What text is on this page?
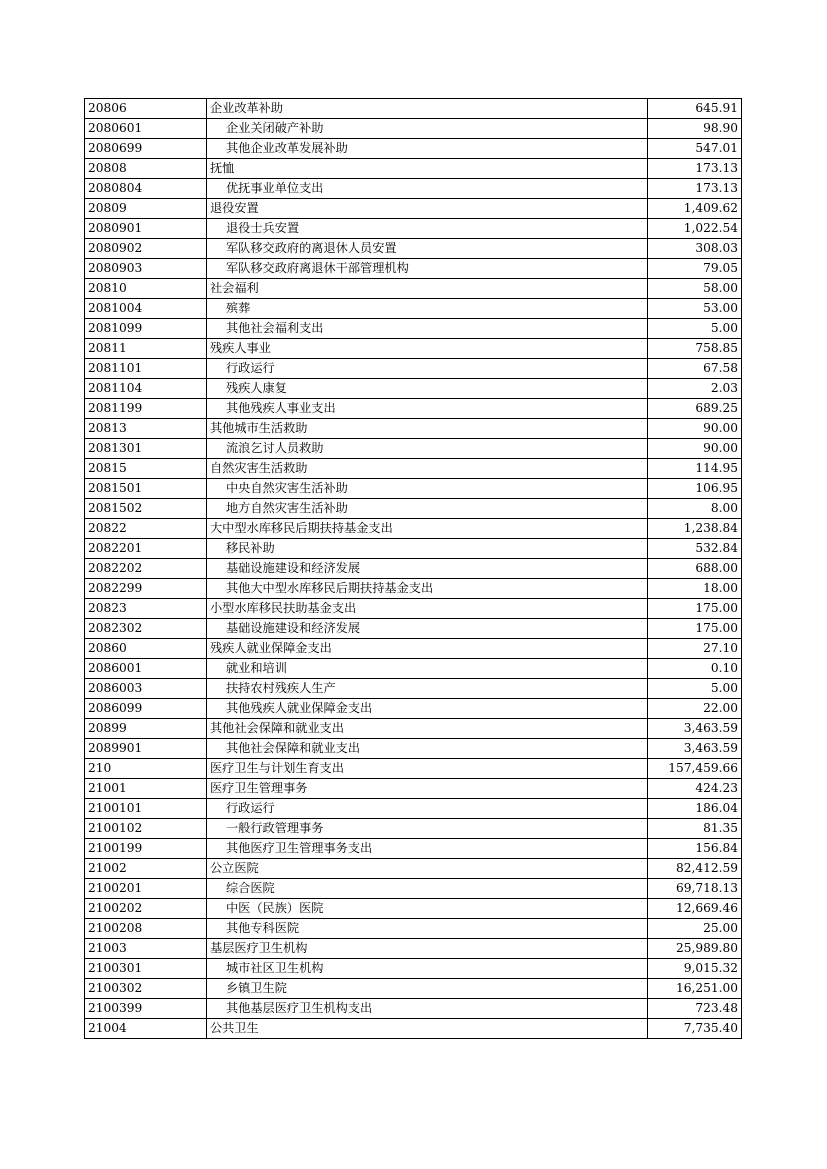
20806	企业改革补助	645.91
2080601	企业关闭破产补助	98.90
2080699	其他企业改革发展补助	547.01
20808	抚恤	173.13
2080804	优抚事业单位支出	173.13
20809	退役安置	1,409.62
2080901	退役士兵安置	1,022.54
2080902	军队移交政府的离退休人员安置	308.03
2080903	军队移交政府离退休干部管理机构	79.05
20810	社会福利	58.00
2081004	殡葬	53.00
2081099	其他社会福利支出	5.00
20811	残疾人事业	758.85
2081101	行政运行	67.58
2081104	残疾人康复	2.03
2081199	其他残疾人事业支出	689.25
20813	其他城市生活救助	90.00
2081301	流浪乞讨人员救助	90.00
20815	自然灾害生活救助	114.95
2081501	中央自然灾害生活补助	106.95
2081502	地方自然灾害生活补助	8.00
20822	大中型水库移民后期扶持基金支出	1,238.84
2082201	移民补助	532.84
2082202	基础设施建设和经济发展	688.00
2082299	其他大中型水库移民后期扶持基金支出	18.00
20823	小型水库移民扶助基金支出	175.00
2082302	基础设施建设和经济发展	175.00
20860	残疾人就业保障金支出	27.10
2086001	就业和培训	0.10
2086003	扶持农村残疾人生产	5.00
2086099	其他残疾人就业保障金支出	22.00
20899	其他社会保障和就业支出	3,463.59
2089901	其他社会保障和就业支出	3,463.59
210	医疗卫生与计划生育支出	157,459.66
21001	医疗卫生管理事务	424.23
2100101	行政运行	186.04
2100102	一般行政管理事务	81.35
2100199	其他医疗卫生管理事务支出	156.84
21002	公立医院	82,412.59
2100201	综合医院	69,718.13
2100202	中医（民族）医院	12,669.46
2100208	其他专科医院	25.00
21003	基层医疗卫生机构	25,989.80
2100301	城市社区卫生机构	9,015.32
2100302	乡镇卫生院	16,251.00
2100399	其他基层医疗卫生机构支出	723.48
21004	公共卫生	7,735.40
